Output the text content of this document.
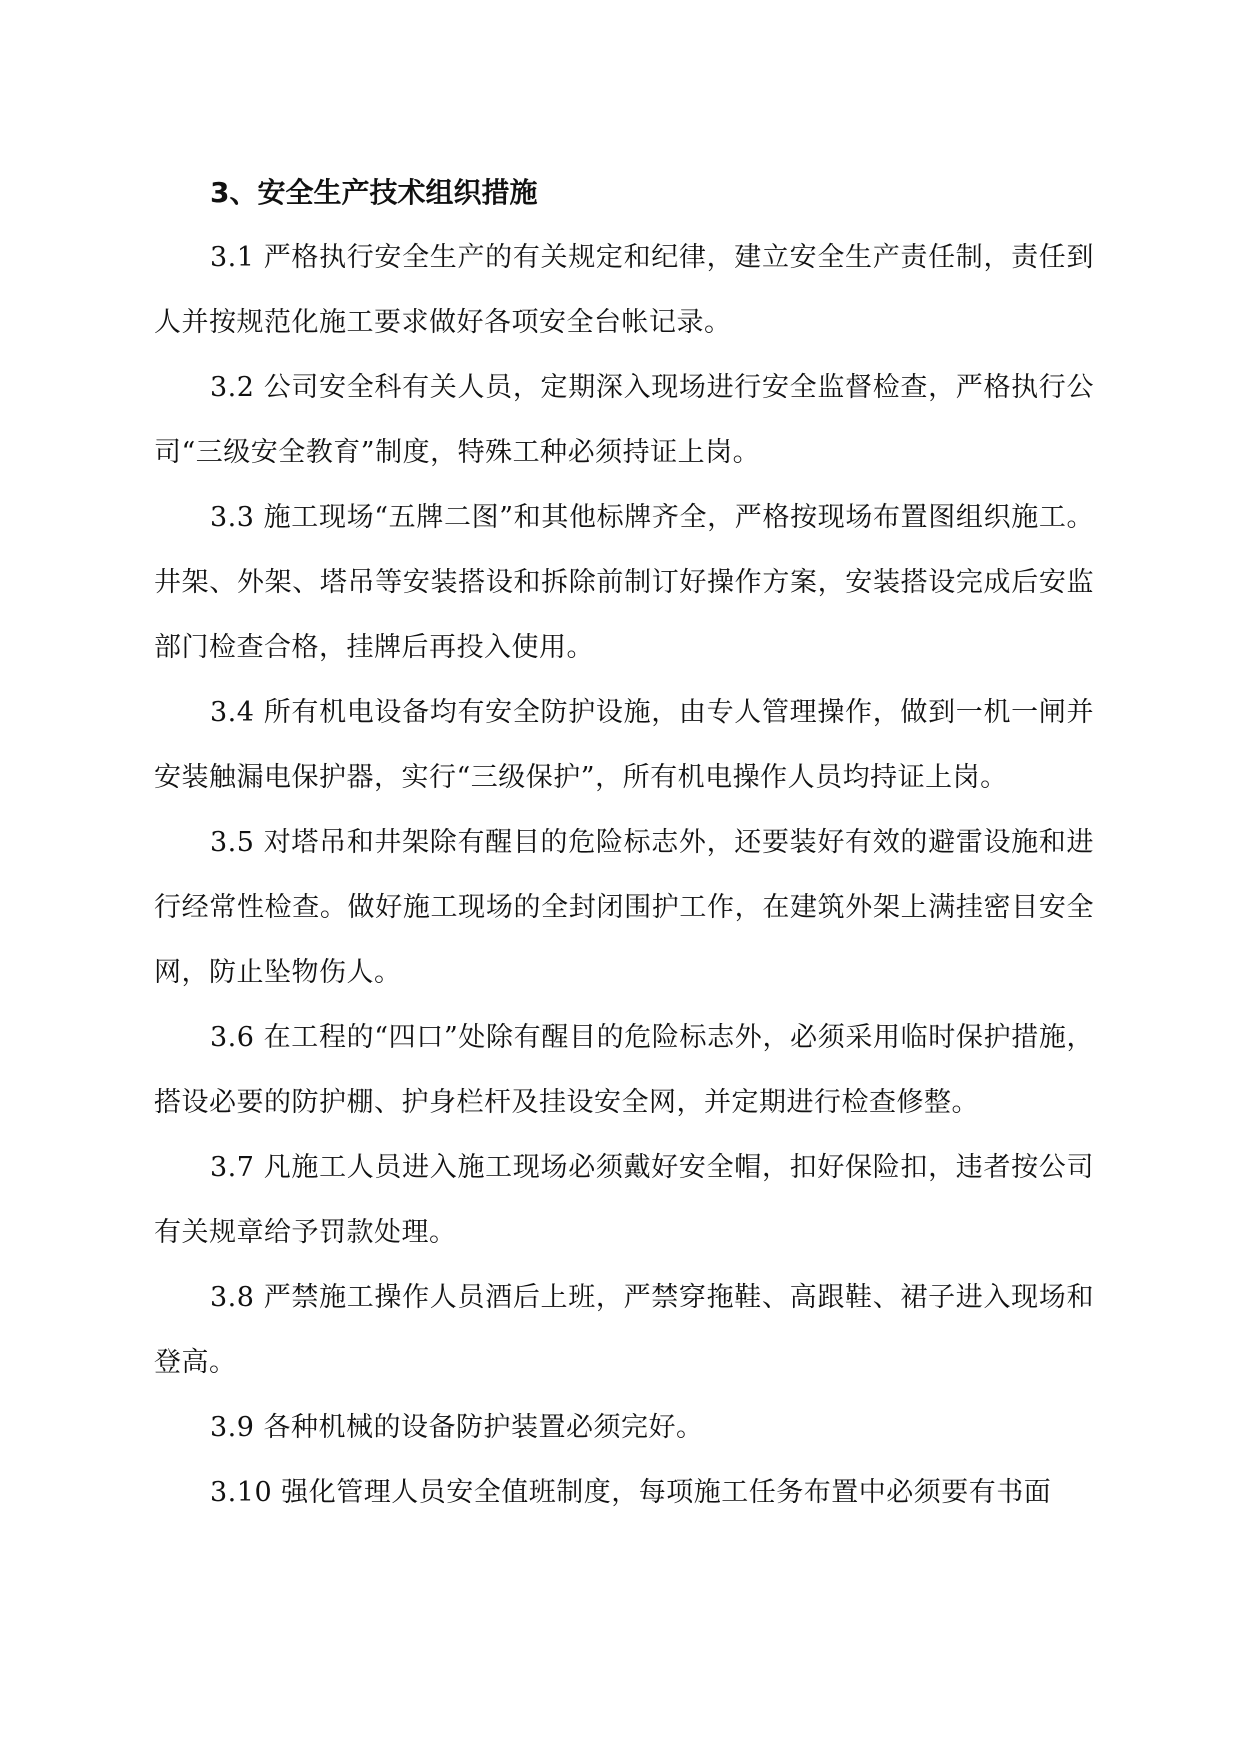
3、安全生产技术组织措施

3.1 严格执行安全生产的有关规定和纪律，建立安全生产责任制，责任到人并按规范化施工要求做好各项安全台帐记录。

3.2 公司安全科有关人员，定期深入现场进行安全监督检查，严格执行公司“三级安全教育”制度，特殊工种必须持证上岗。

3.3 施工现场“五牌二图”和其他标牌齐全，严格按现场布置图组织施工。井架、外架、塔吊等安装搭设和拆除前制订好操作方案，安装搭设完成后安监部门检查合格，挂牌后再投入使用。

3.4 所有机电设备均有安全防护设施，由专人管理操作，做到一机一闸并安装触漏电保护器，实行“三级保护”，所有机电操作人员均持证上岗。

3.5 对塔吊和井架除有醒目的危险标志外，还要装好有效的避雷设施和进行经常性检查。做好施工现场的全封闭围护工作，在建筑外架上满挂密目安全网，防止坠物伤人。

3.6 在工程的“四口”处除有醒目的危险标志外，必须采用临时保护措施，搭设必要的防护棚、护身栏杆及挂设安全网，并定期进行检查修整。

3.7 凡施工人员进入施工现场必须戴好安全帽，扣好保险扣，违者按公司有关规章给予罚款处理。

3.8 严禁施工操作人员酒后上班，严禁穿拖鞋、高跟鞋、裙子进入现场和登高。

3.9 各种机械的设备防护装置必须完好。

3.10 强化管理人员安全值班制度，每项施工任务布置中必须要有书面
